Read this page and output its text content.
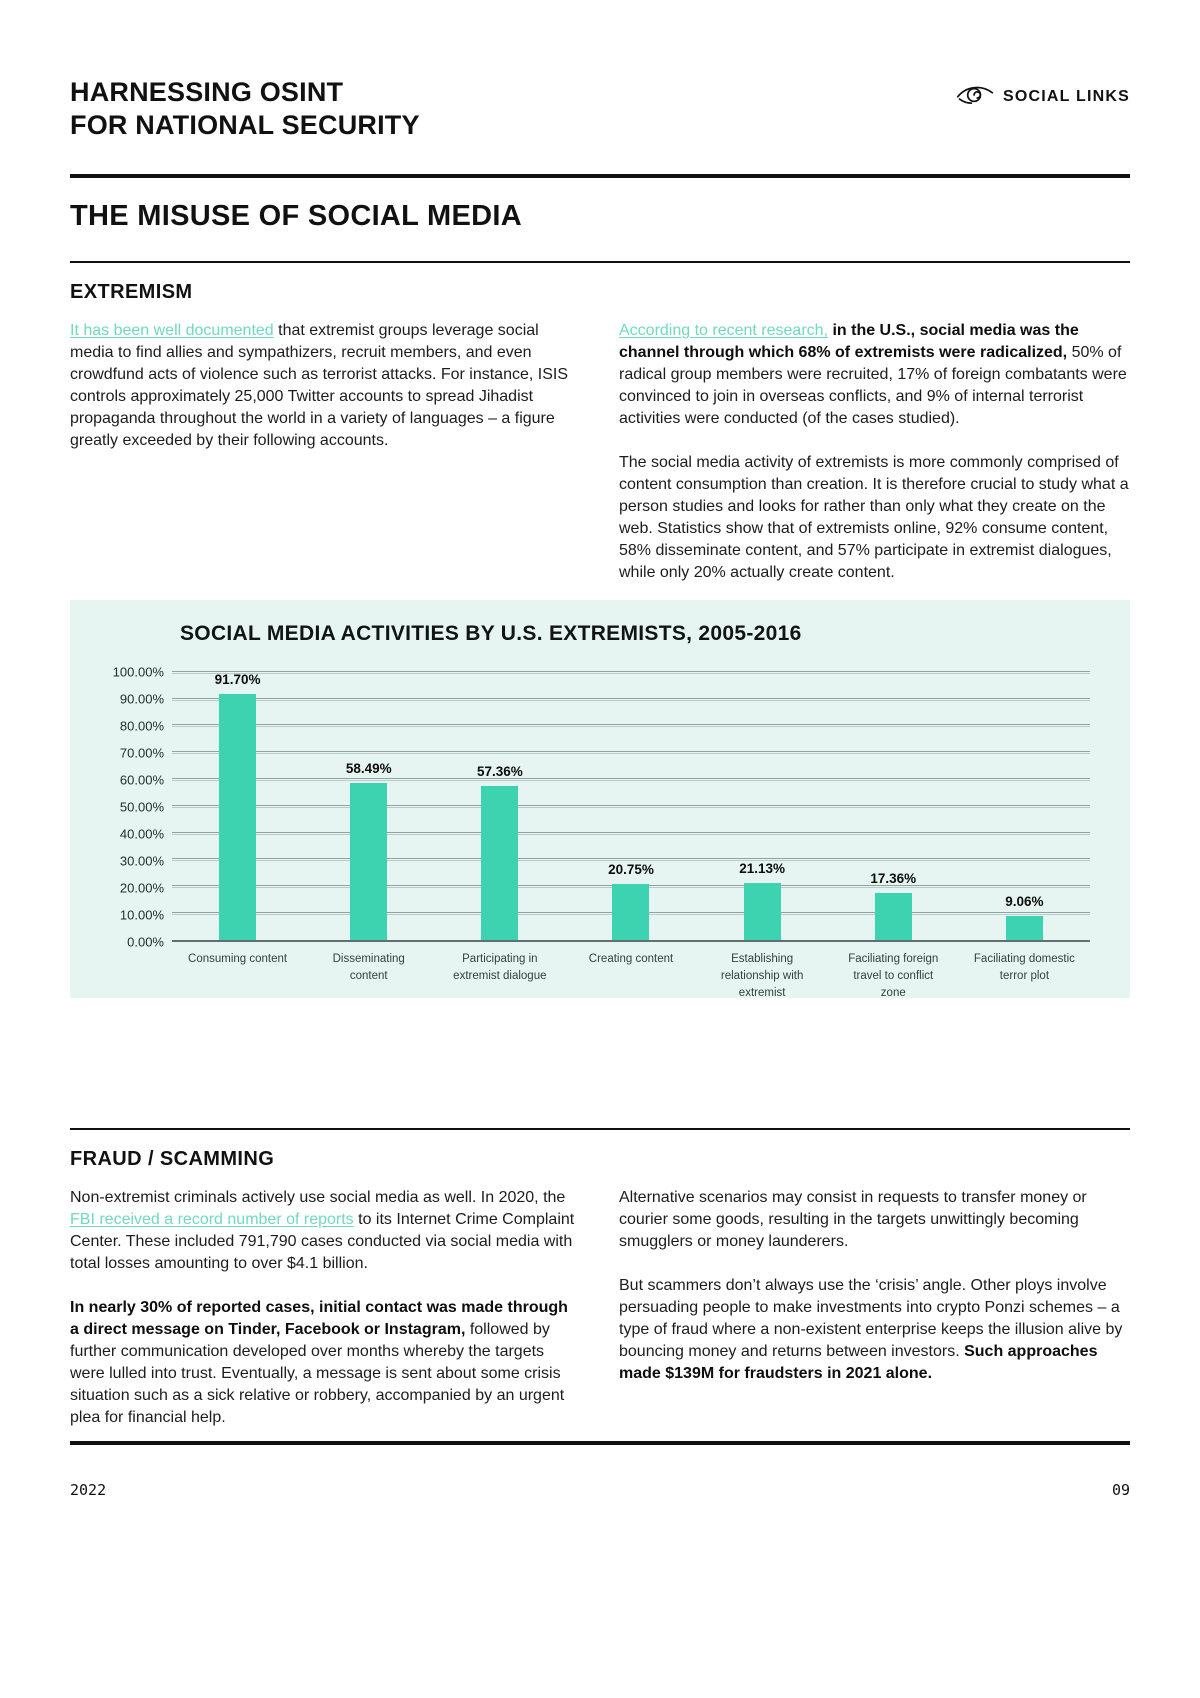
HARNESSING OSINT
FOR NATIONAL SECURITY
SOCIAL LINKS
THE MISUSE OF SOCIAL MEDIA
EXTREMISM

It has been well documented that extremist groups leverage social media to find allies and sympathizers, recruit members, and even crowdfund acts of violence such as terrorist attacks. For instance, ISIS controls approximately 25,000 Twitter accounts to spread Jihadist propaganda throughout the world in a variety of languages – a figure greatly exceeded by their following accounts.

According to recent research, in the U.S., social media was the channel through which 68% of extremists were radicalized, 50% of radical group members were recruited, 17% of foreign combatants were convinced to join in overseas conflicts, and 9% of internal terrorist activities were conducted (of the cases studied).

The social media activity of extremists is more commonly comprised of content consumption than creation. It is therefore crucial to study what a person studies and looks for rather than only what they create on the web. Statistics show that of extremists online, 92% consume content, 58% disseminate content, and 57% participate in extremist dialogues, while only 20% actually create content.

SOCIAL MEDIA ACTIVITIES BY U.S. EXTREMISTS, 2005-2016
100.00%
90.00%
80.00%
70.00%
60.00%
50.00%
40.00%
30.00%
20.00%
10.00%
0.00%
91.70%
58.49%	57.36%
20.75%	21.13%
17.36%
9.06%
Consuming content	Disseminating content
Participating in extremist dialogue
Creating content	Establishing relationship with extremist
Faciliating foreign travel to conflict zone
Faciliating domestic terror plot
FRAUD / SCAMMING

Non-extremist criminals actively use social media as well. In 2020, the FBI received a record number of reports to its Internet Crime Complaint Center. These included 791,790 cases conducted via social media with total losses amounting to over $4.1 billion.

In nearly 30% of reported cases, initial contact was made through a direct message on Tinder, Facebook or Instagram, followed by further communication developed over months whereby the targets were lulled into trust. Eventually, a message is sent about some crisis situation such as a sick relative or robbery, accompanied by an urgent plea for financial help.

Alternative scenarios may consist in requests to transfer money or courier some goods, resulting in the targets unwittingly becoming smugglers or money launderers.

But scammers don’t always use the ‘crisis’ angle. Other ploys involve persuading people to make investments into crypto Ponzi schemes – a type of fraud where a non-existent enterprise keeps the illusion alive by bouncing money and returns between investors. Such approaches made $139M for fraudsters in 2021 alone.

2022	09
